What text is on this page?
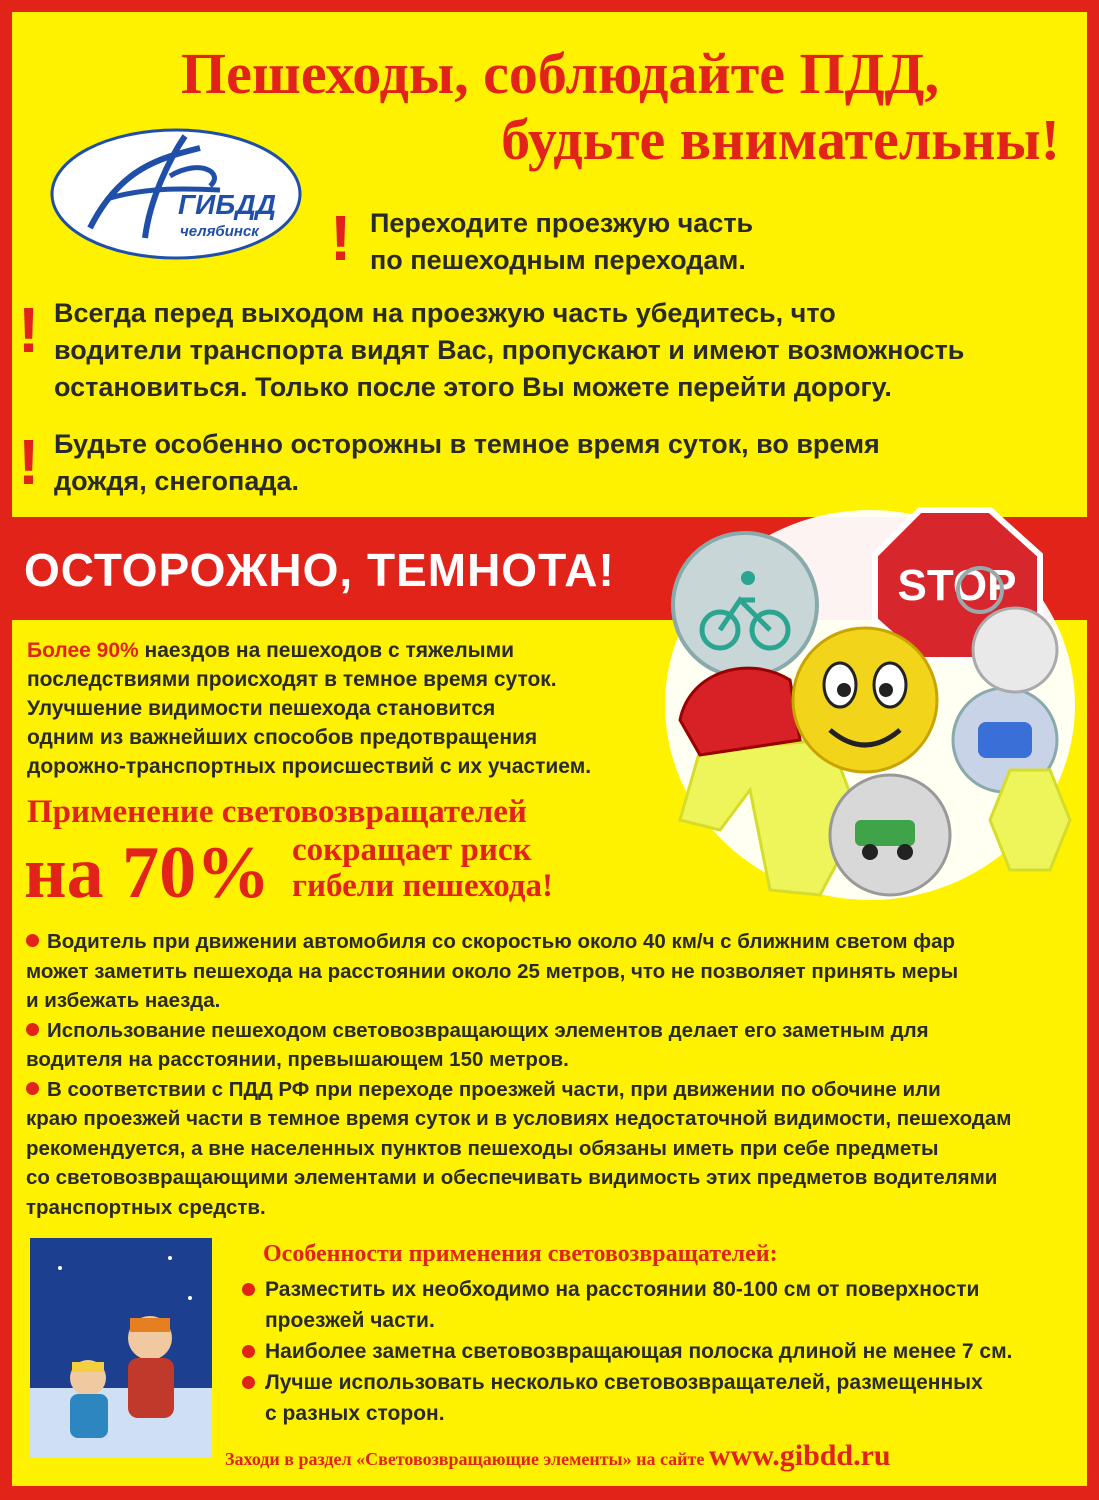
Пешеходы, соблюдайте ПДД,
будьте внимательны!
ГИБДД
челябинск ! Переходите проезжую часть
по пешеходным переходам.
! Всегда перед выходом на проезжую часть убедитесь, что
водители транспорта видят Вас, пропускают и имеют возможность
остановиться. Только после этого Вы можете перейти дорогу.
! Будьте особенно осторожны в темное время суток, во время
дождя, снегопада.
ОСТОРОЖНО, ТЕМНОТА!	STOP
Более 90% наездов на пешеходов с тяжелыми
последствиями происходят в темное время суток.
Улучшение видимости пешехода становится
одним из важнейших способов предотвращения
дорожно-транспортных происшествий с их участием.
Применение световозвращателей
на 70% сокращает риск
гибели пешехода!
Водитель при движении автомобиля со скоростью около 40 км/ч с ближним светом фар
может заметить пешехода на расстоянии около 25 метров, что не позволяет принять меры
и избежать наезда.
Использование пешеходом световозвращающих элементов делает его заметным для
водителя на расстоянии, превышающем 150 метров.
В соответствии с ПДД РФ при переходе проезжей части, при движении по обочине или
краю проезжей части в темное время суток и в условиях недостаточной видимости, пешеходам
рекомендуется, а вне населенных пунктов пешеходы обязаны иметь при себе предметы
со световозвращающими элементами и обеспечивать видимость этих предметов водителями
транспортных средств.
Особенности применения световозвращателей:
Разместить их необходимо на расстоянии 80-100 см от поверхности
проезжей части.
Наиболее заметна световозвращающая полоска длиной не менее 7 см.
Лучше использовать несколько световозвращателей, размещенных
с разных сторон.
Заходи в раздел «Световозвращающие элементы» на сайте www.gibdd.ru
